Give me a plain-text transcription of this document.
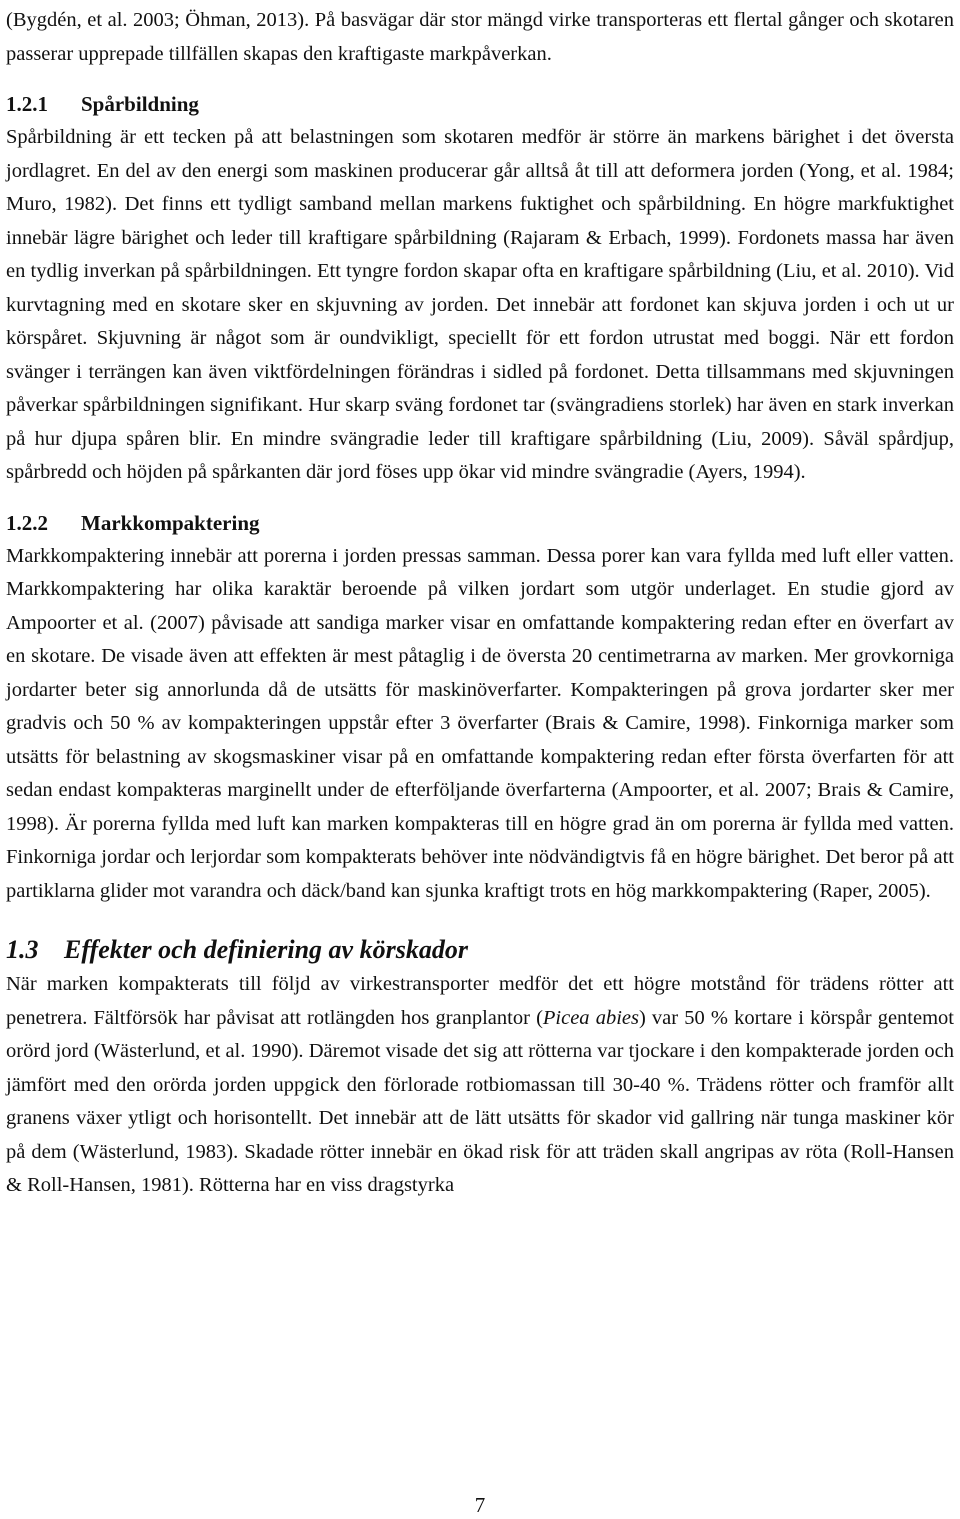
(Bygdén, et al. 2003; Öhman, 2013). På basvägar där stor mängd virke transporteras ett flertal gånger och skotaren passerar upprepade tillfällen skapas den kraftigaste markpåverkan.

1.2.1 Spårbildning

Spårbildning är ett tecken på att belastningen som skotaren medför är större än markens bärighet i det översta jordlagret. En del av den energi som maskinen producerar går alltså åt till att deformera jorden (Yong, et al. 1984; Muro, 1982). Det finns ett tydligt samband mellan markens fuktighet och spårbildning. En högre markfuktighet innebär lägre bärighet och leder till kraftigare spårbildning (Rajaram & Erbach, 1999). Fordonets massa har även en tydlig inverkan på spårbildningen. Ett tyngre fordon skapar ofta en kraftigare spårbildning (Liu, et al. 2010). Vid kurvtagning med en skotare sker en skjuvning av jorden. Det innebär att fordonet kan skjuva jorden i och ut ur körspåret. Skjuvning är något som är oundvikligt, speciellt för ett fordon utrustat med boggi. När ett fordon svänger i terrängen kan även viktfördelningen förändras i sidled på fordonet. Detta tillsammans med skjuvningen påverkar spårbildningen signifikant. Hur skarp sväng fordonet tar (svängradiens storlek) har även en stark inverkan på hur djupa spåren blir. En mindre svängradie leder till kraftigare spårbildning (Liu, 2009). Såväl spårdjup, spårbredd och höjden på spårkanten där jord föses upp ökar vid mindre svängradie (Ayers, 1994).

1.2.2 Markkompaktering

Markkompaktering innebär att porerna i jorden pressas samman. Dessa porer kan vara fyllda med luft eller vatten. Markkompaktering har olika karaktär beroende på vilken jordart som utgör underlaget. En studie gjord av Ampoorter et al. (2007) påvisade att sandiga marker visar en omfattande kompaktering redan efter en överfart av en skotare. De visade även att effekten är mest påtaglig i de översta 20 centimetrarna av marken. Mer grovkorniga jordarter beter sig annorlunda då de utsätts för maskinöverfarter. Kompakteringen på grova jordarter sker mer gradvis och 50 % av kompakteringen uppstår efter 3 överfarter (Brais & Camire, 1998). Finkorniga marker som utsätts för belastning av skogsmaskiner visar på en omfattande kompaktering redan efter första överfarten för att sedan endast kompakteras marginellt under de efterföljande överfarterna (Ampoorter, et al. 2007; Brais & Camire, 1998). Är porerna fyllda med luft kan marken kompakteras till en högre grad än om porerna är fyllda med vatten. Finkorniga jordar och lerjordar som kompakterats behöver inte nödvändigtvis få en högre bärighet. Det beror på att partiklarna glider mot varandra och däck/band kan sjunka kraftigt trots en hög markkompaktering (Raper, 2005).

1.3 Effekter och definiering av körskador

När marken kompakterats till följd av virkestransporter medför det ett högre motstånd för trädens rötter att penetrera. Fältförsök har påvisat att rotlängden hos granplantor (Picea abies) var 50 % kortare i körspår gentemot orörd jord (Wästerlund, et al. 1990). Däremot visade det sig att rötterna var tjockare i den kompakterade jorden och jämfört med den orörda jorden uppgick den förlorade rotbiomassan till 30-40 %. Trädens rötter och framför allt granens växer ytligt och horisontellt. Det innebär att de lätt utsätts för skador vid gallring när tunga maskiner kör på dem (Wästerlund, 1983). Skadade rötter innebär en ökad risk för att träden skall angripas av röta (Roll-Hansen & Roll-Hansen, 1981). Rötterna har en viss dragstyrka

7
